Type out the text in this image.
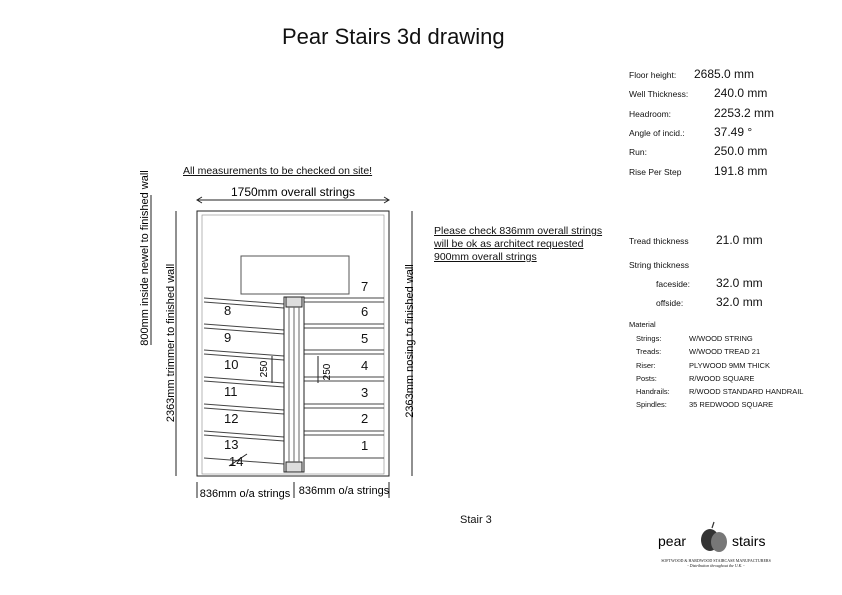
Pear Stairs 3d drawing
Floor height: 2685.0 mm
Well Thickness: 240.0 mm
Headroom:	2253.2 mm
Angle of incid.: 37.49 °
Run:	250.0 mm
Rise Per Step	191.8 mm
Tread thickness 21.0 mm
String thickness
faceside: 32.0 mm
offside:	32.0 mm
Material
Strings:	W/WOOD STRING
Treads:	W/WOOD TREAD 21
Riser:	PLYWOOD 9MM THICK
Posts:	R/WOOD SQUARE
Handrails:	R/WOOD STANDARD HANDRAIL
Spindles:	35 REDWOOD SQUARE
All measurements to be checked on site!
Please check 836mm overall strings
will be ok as architect requested
900mm overall strings
8
9
10
11
12
13
14
7
6
5
4
3
2
1
1750mm overall strings
250	250
800mm inside newel to finished wall 2363mm trimmer to finished wall	2363mm nosing to finished wall
836mm o/a strings 836mm o/a strings
Stair 3
pear	stairs
SOFTWOOD & HARDWOOD STAIRCASE MANUFACTURERS
- Distribution throughout the U.K. -
